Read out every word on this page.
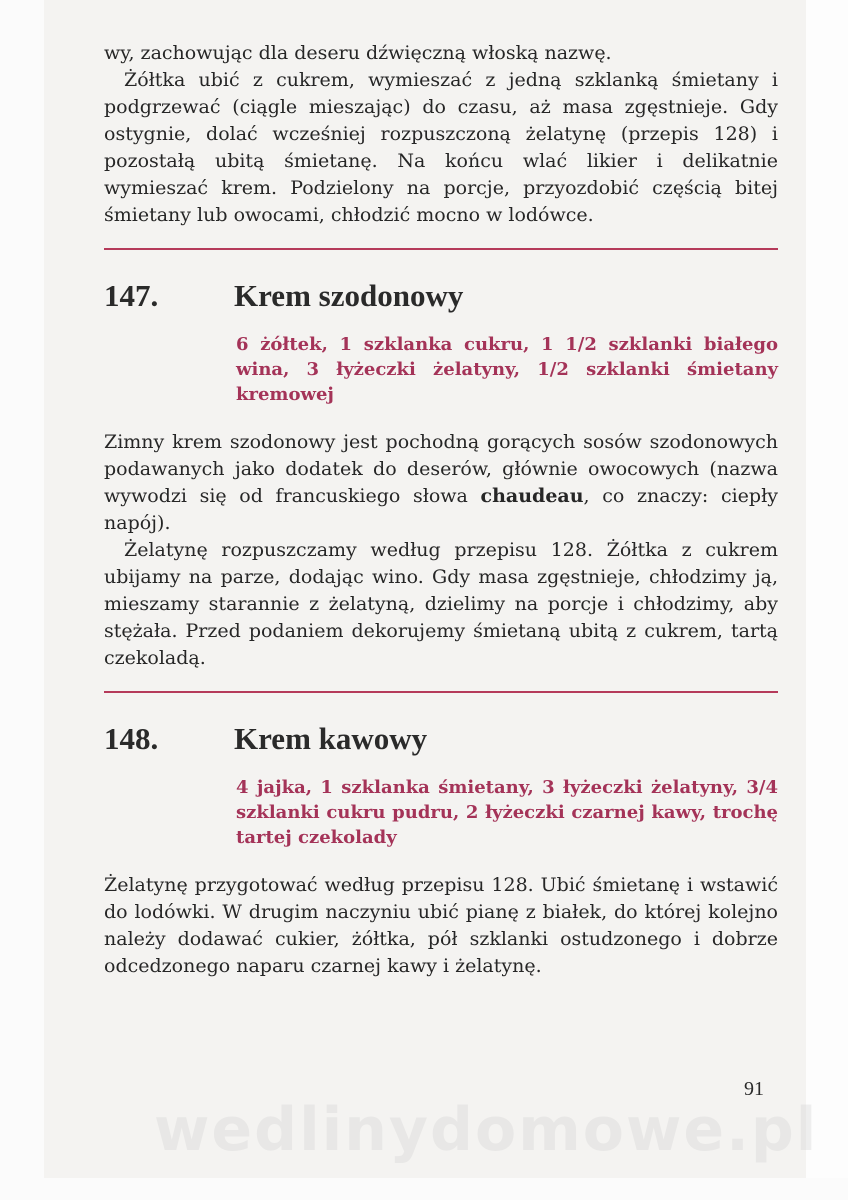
wy, zachowując dla deseru dźwięczną włoską nazwę.

Żółtka ubić z cukrem, wymieszać z jedną szklanką śmietany i podgrzewać (ciągle mieszając) do czasu, aż masa zgęstnieje. Gdy ostygnie, dolać wcześniej rozpuszczoną żelatynę (przepis 128) i pozostałą ubitą śmietanę. Na końcu wlać likier i delikatnie wymieszać krem. Podzielony na porcje, przyozdobić częścią bitej śmietany lub owocami, chłodzić mocno w lodówce.

147.	Krem szodonowy
6 żółtek, 1 szklanka cukru, 1 1/2 szklanki białego wina, 3 łyżeczki żelatyny, 1/2 szklanki śmietany kremowej

Zimny krem szodonowy jest pochodną gorących sosów szodonowych podawanych jako dodatek do deserów, głównie owocowych (nazwa wywodzi się od francuskiego słowa chaudeau, co znaczy: ciepły napój).

Żelatynę rozpuszczamy według przepisu 128. Żółtka z cukrem ubijamy na parze, dodając wino. Gdy masa zgęstnieje, chłodzimy ją, mieszamy starannie z żelatyną, dzielimy na porcje i chłodzimy, aby stężała. Przed podaniem dekorujemy śmietaną ubitą z cukrem, tartą czekoladą.

148.	Krem kawowy
4 jajka, 1 szklanka śmietany, 3 łyżeczki żelatyny, 3/4 szklanki cukru pudru, 2 łyżeczki czarnej kawy, trochę tartej czekolady

Żelatynę przygotować według przepisu 128. Ubić śmietanę i wstawić do lodówki. W drugim naczyniu ubić pianę z białek, do której kolejno należy dodawać cukier, żółtka, pół szklanki ostudzonego i dobrze odcedzonego naparu czarnej kawy i żelatynę.

91
wedlinydomowe.pl
